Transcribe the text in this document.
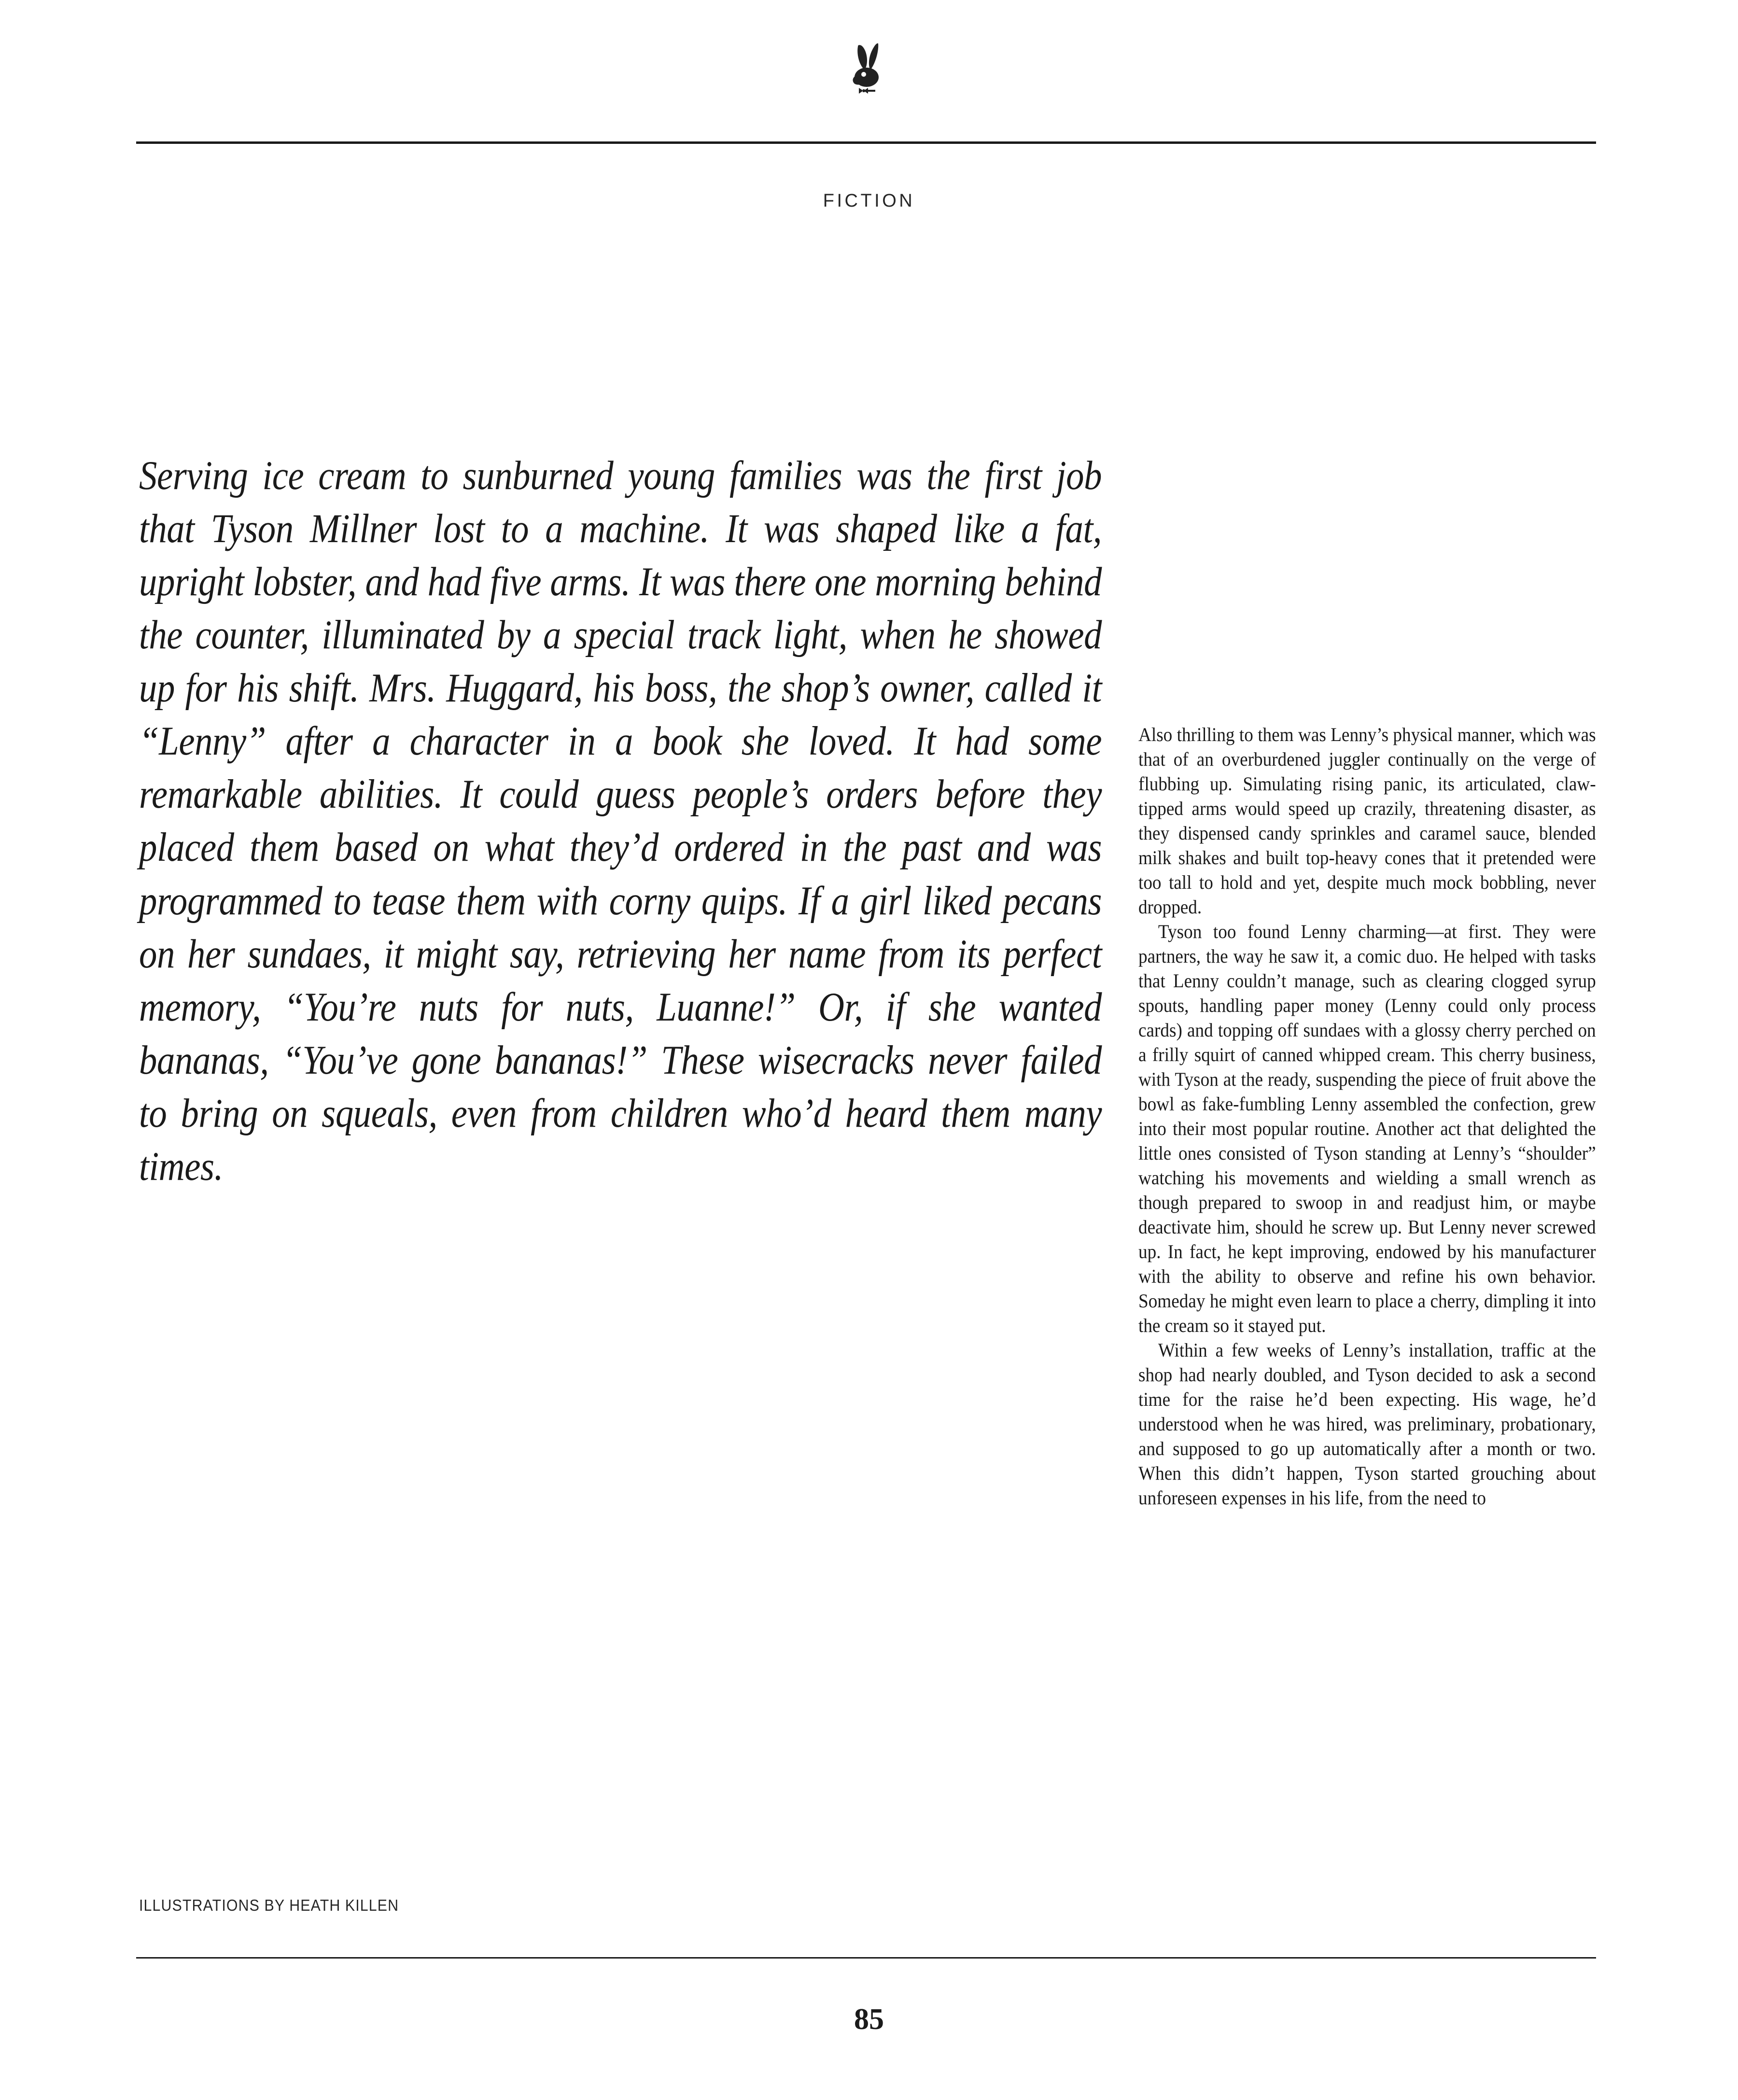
FICTION

Serving ice cream to sunburned young families was the first job that Tyson Millner lost to a machine. It was shaped like a fat, upright lobster, and had five arms. It was there one morning behind the counter, illuminated by a special track light, when he showed up for his shift. Mrs. Huggard, his boss, the shop’s owner, called it “Lenny” after a character in a book she loved. It had some remarkable abilities. It could guess people’s orders before they placed them based on what they’d ordered in the past and was programmed to tease them with corny quips. If a girl liked pecans on her sundaes, it might say, retrieving her name from its perfect memory, “You’re nuts for nuts, Luanne!” Or, if she wanted bananas, “You’ve gone bananas!” These wisecracks never failed to bring on squeals, even from children who’d heard them many times.

Also thrilling to them was Lenny’s physical manner, which was that of an overburdened juggler continually on the verge of flubbing up. Simulating rising panic, its articulated, claw-tipped arms would speed up crazily, threatening disaster, as they dispensed candy sprinkles and caramel sauce, blended milk shakes and built top-heavy cones that it pretended were too tall to hold and yet, despite much mock bobbling, never dropped.

Tyson too found Lenny charming—at first. They were partners, the way he saw it, a comic duo. He helped with tasks that Lenny couldn’t manage, such as clearing clogged syrup spouts, handling paper money (Lenny could only process cards) and topping off sundaes with a glossy cherry perched on a frilly squirt of canned whipped cream. This cherry business, with Tyson at the ready, suspending the piece of fruit above the bowl as fake-fumbling Lenny assembled the confection, grew into their most popular routine. Another act that delighted the little ones consisted of Tyson standing at Lenny’s “shoulder” watching his movements and wielding a small wrench as though prepared to swoop in and readjust him, or maybe deactivate him, should he screw up. But Lenny never screwed up. In fact, he kept improving, endowed by his manufacturer with the ability to observe and refine his own behavior. Someday he might even learn to place a cherry, dimpling it into the cream so it stayed put.

Within a few weeks of Lenny’s installation, traffic at the shop had nearly doubled, and Tyson decided to ask a second time for the raise he’d been expecting. His wage, he’d understood when he was hired, was preliminary, probationary, and supposed to go up automatically after a month or two. When this didn’t happen, Tyson started grouching about unforeseen expenses in his life, from the need to

ILLUSTRATIONS BY HEATH KILLEN
85
